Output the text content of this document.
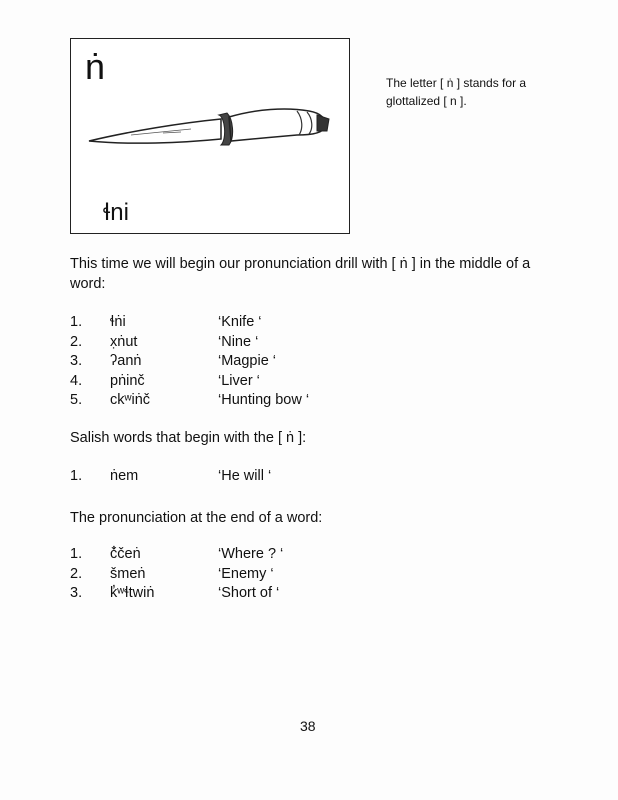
ṅ
ɬni
The letter [ ṅ ] stands for a glottalized [ n ].
This time we will begin our pronunciation drill with [ ṅ ] in the middle of a word:
1.	ɬṅi	‘Knife ‘
2.	x̣ṅut	‘Nine ‘
3.	ʔanṅ	‘Magpie ‘
4.	pṅinč	‘Liver ‘
5.	ckʷiṅč	‘Hunting bow ‘
Salish words that begin with the [ ṅ ]:
1.	ṅem	‘He will ‘
The pronunciation at the end of a word:
1.	č̓čeṅ	‘Where ? ‘
2.	šmeṅ	‘Enemy ‘
3.	k̓ʷɬtwiṅ	‘Short of ‘
38
